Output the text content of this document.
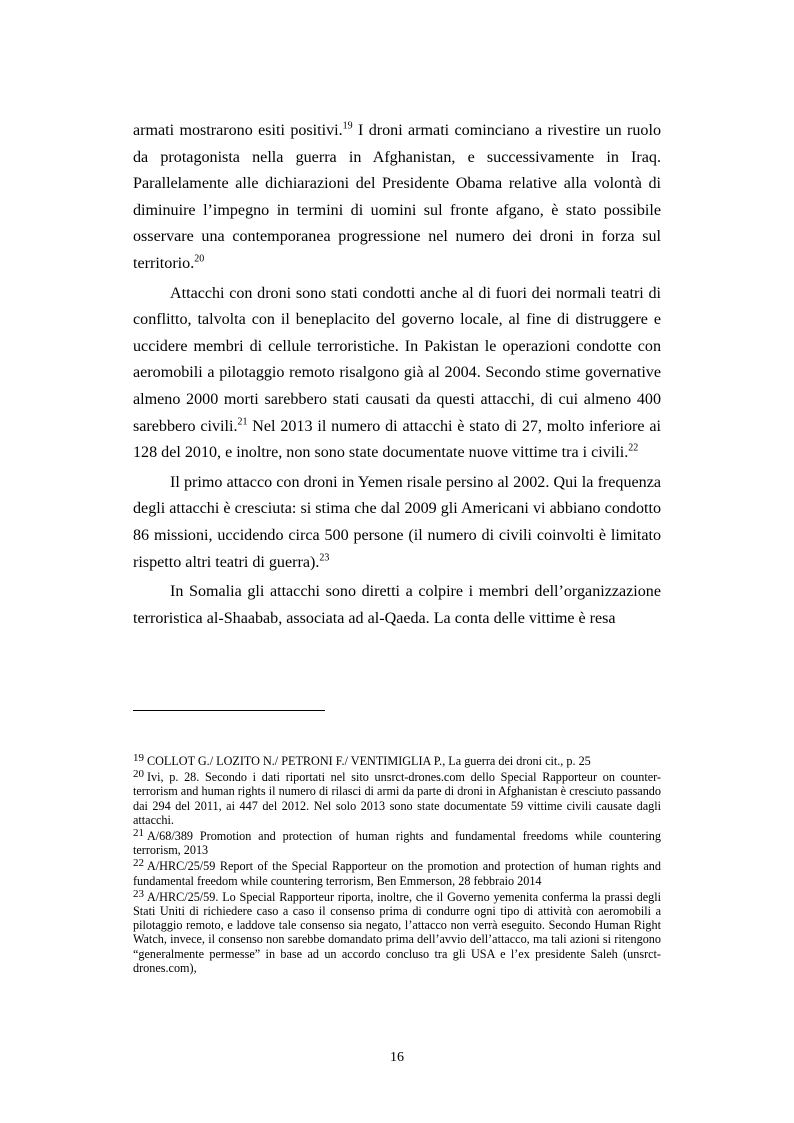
armati mostrarono esiti positivi.$^{19}$ I droni armati cominciano a rivestire un ruolo da protagonista nella guerra in Afghanistan, e successivamente in Iraq. Parallelamente alle dichiarazioni del Presidente Obama relative alla volontà di diminuire l’impegno in termini di uomini sul fronte afgano, è stato possibile osservare una contemporanea progressione nel numero dei droni in forza sul territorio.$^{20}$

Attacchi con droni sono stati condotti anche al di fuori dei normali teatri di conflitto, talvolta con il beneplacito del governo locale, al fine di distruggere e uccidere membri di cellule terroristiche. In Pakistan le operazioni condotte con aeromobili a pilotaggio remoto risalgono già al 2004. Secondo stime governative almeno 2000 morti sarebbero stati causati da questi attacchi, di cui almeno 400 sarebbero civili.$^{21}$ Nel 2013 il numero di attacchi è stato di 27, molto inferiore ai 128 del 2010, e inoltre, non sono state documentate nuove vittime tra i civili.$^{22}$

Il primo attacco con droni in Yemen risale persino al 2002. Qui la frequenza degli attacchi è cresciuta: si stima che dal 2009 gli Americani vi abbiano condotto 86 missioni, uccidendo circa 500 persone (il numero di civili coinvolti è limitato rispetto altri teatri di guerra).$^{23}$

In Somalia gli attacchi sono diretti a colpire i membri dell’organizzazione terroristica al-Shaabab, associata ad al-Qaeda. La conta delle vittime è resa

$^{19}$ COLLOT G./ LOZITO N./ PETRONI F./ VENTIMIGLIA P., La guerra dei droni cit., p. 25
$^{20}$ Ivi, p. 28. Secondo i dati riportati nel sito unsrct-drones.com dello Special Rapporteur on counter-terrorism and human rights il numero di rilasci di armi da parte di droni in Afghanistan è cresciuto passando dai 294 del 2011, ai 447 del 2012. Nel solo 2013 sono state documentate 59 vittime civili causate dagli attacchi.
$^{21}$ A/68/389 Promotion and protection of human rights and fundamental freedoms while countering terrorism, 2013
$^{22}$ A/HRC/25/59 Report of the Special Rapporteur on the promotion and protection of human rights and fundamental freedom while countering terrorism, Ben Emmerson, 28 febbraio 2014
$^{23}$ A/HRC/25/59. Lo Special Rapporteur riporta, inoltre, che il Governo yemenita conferma la prassi degli Stati Uniti di richiedere caso a caso il consenso prima di condurre ogni tipo di attività con aeromobili a pilotaggio remoto, e laddove tale consenso sia negato, l’attacco non verrà eseguito. Secondo Human Right Watch, invece, il consenso non sarebbe domandato prima dell’avvio dell’attacco, ma tali azioni si ritengono “generalmente permesse” in base ad un accordo concluso tra gli USA e l’ex presidente Saleh (unsrct-drones.com),
16
